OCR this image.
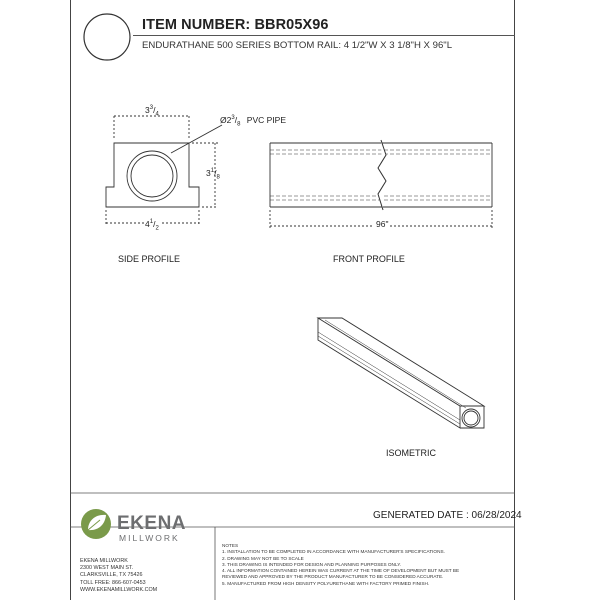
ITEM NUMBER: BBR05X96
ENDURATHANE 500 SERIES BOTTOM RAIL: 4 1/2"W X 3 1/8"H X 96"L
$3^3/_4$
$Ø2^3/_8$ PVC PIPE
$3^1/_8$
$4^1/_2$
SIDE PROFILE
96"
FRONT PROFILE
ISOMETRIC
GENERATED DATE : 06/28/2024
EKENA
MILLWORK
EKENA MILLWORK
2300 WEST MAIN ST.
CLARKSVILLE, TX 75426
TOLL FREE: 866-607-0453
WWW.EKENAMILLWORK.COM
NOTES
1. INSTALLATION TO BE COMPLETED IN ACCORDANCE WITH MANUFACTURER'S SPECIFICATIONS.
2. DRAWING MAY NOT BE TO SCALE
3. THIS DRAWING IS INTENDED FOR DESIGN AND PLANNING PURPOSES ONLY.
4. ALL INFORMATION CONTAINED HEREIN WAS CURRENT AT THE TIME OF DEVELOPMENT BUT MUST BE
REVIEWED AND APPROVED BY THE PRODUCT MANUFACTURER TO BE CONSIDERED ACCURATE.
5. MANUFACTURED FROM HIGH DENSITY POLYURETHANE WITH FACTORY PRIMED FINISH.
